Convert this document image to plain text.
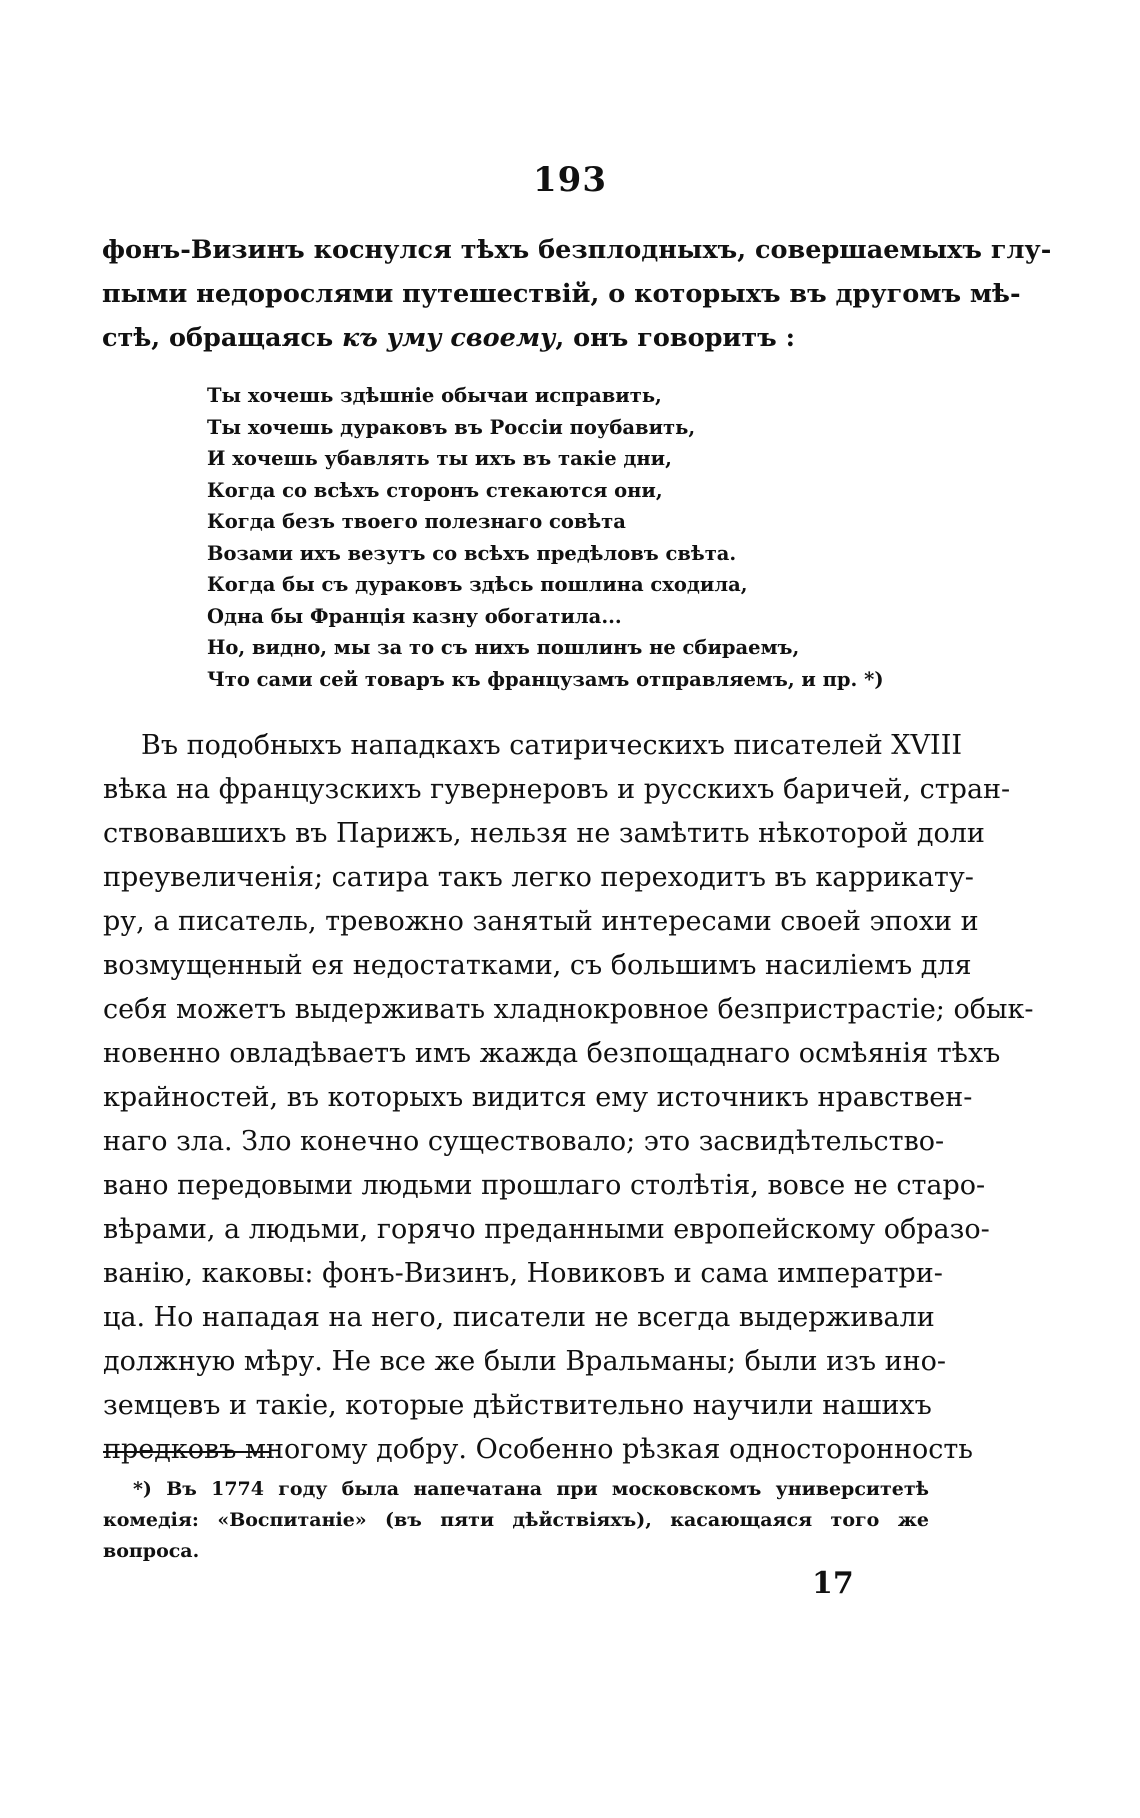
193

фонъ-Визинъ коснулся тѣхъ безплодныхъ, совершаемыхъ глу-
пыми недорослями путешествій, о которыхъ въ другомъ мѣ-
стѣ, обращаясь къ уму своему, онъ говоритъ :

Ты хочешь здѣшніе обычаи исправить,
Ты хочешь дураковъ въ Россіи поубавить,
И хочешь убавлять ты ихъ въ такіе дни,
Когда со всѣхъ сторонъ стекаются они,
Когда безъ твоего полезнаго совѣта
Возами ихъ везутъ со всѣхъ предѣловъ свѣта.
Когда бы съ дураковъ здѣсь пошлина сходила,
Одна бы Франція казну обогатила...
Но, видно, мы за то съ нихъ пошлинъ не сбираемъ,
Что сами сей товаръ къ французамъ отправляемъ, и пр. *)

Въ подобныхъ нападкахъ сатирическихъ писателей XVIII
вѣка на французскихъ гувернеровъ и русскихъ баричей, стран-
ствовавшихъ въ Парижъ, нельзя не замѣтить нѣкоторой доли
преувеличенія; сатира такъ легко переходитъ въ каррикату-
ру, а писатель, тревожно занятый интересами своей эпохи и
возмущенный ея недостатками, съ большимъ насиліемъ для
себя можетъ выдерживать хладнокровное безпристрастіе; обык-
новенно овладѣваетъ имъ жажда безпощаднаго осмѣянія тѣхъ
крайностей, въ которыхъ видится ему источникъ нравствен-
наго зла. Зло конечно существовало; это засвидѣтельство-
вано передовыми людьми прошлаго столѣтія, вовсе не старо-
вѣрами, а людьми, горячо преданными европейскому образо-
ванію, каковы: фонъ-Визинъ, Новиковъ и сама императри-
ца. Но нападая на него, писатели не всегда выдерживали
должную мѣру. Не все же были Вральманы; были изъ ино-
земцевъ и такіе, которые дѣйствительно научили нашихъ
предковъ многому добру. Особенно рѣзкая односторонность

*) Въ 1774 году была напечатана при московскомъ университетѣ
комедія: «Воспитаніе» (въ пяти дѣйствіяхъ), касающаяся того же
вопроса.

17
